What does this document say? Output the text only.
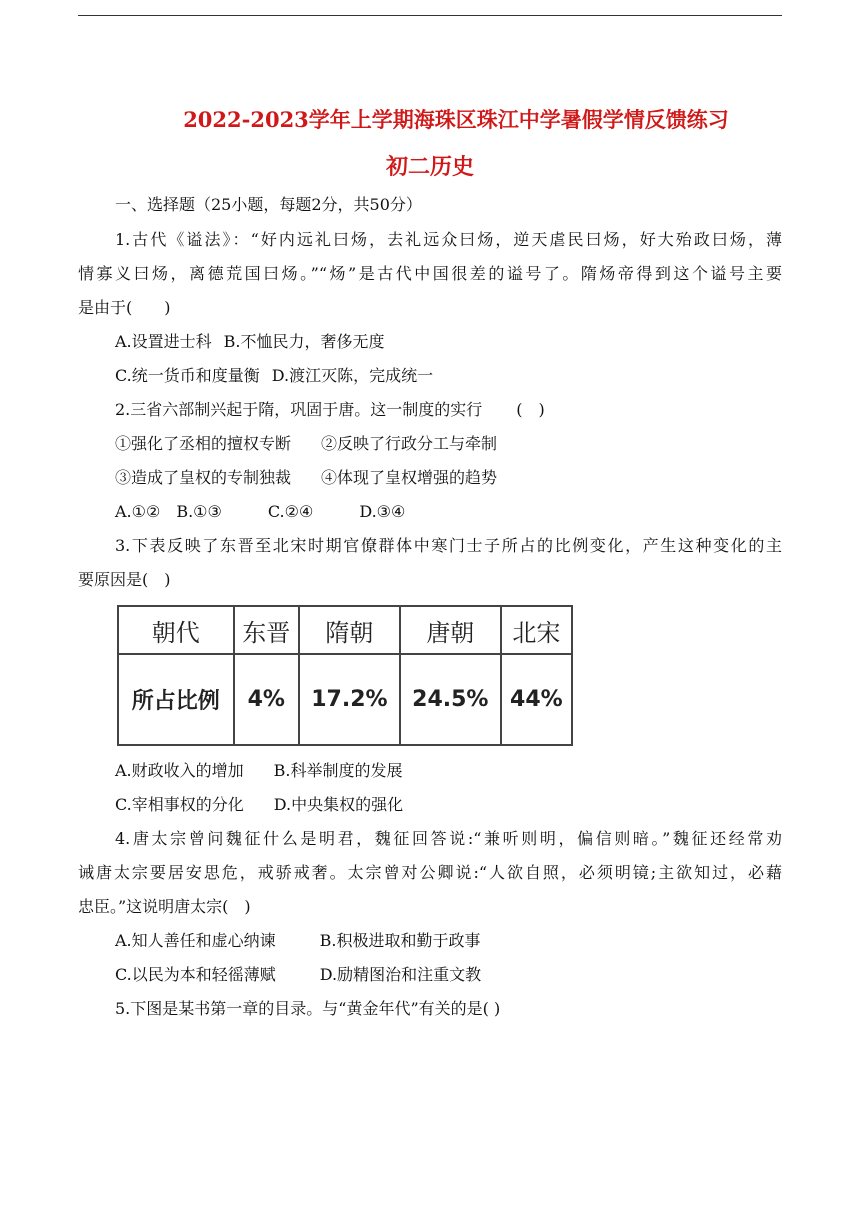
2022-2023学年上学期海珠区珠江中学暑假学情反馈练习
初二历史
一、选择题（25小题，每题2分，共50分）
1.古代《谥法》：“好内远礼曰炀，去礼远众曰炀，逆天虐民曰炀，好大殆政曰炀，薄
情寡义曰炀，离德荒国曰炀。”“炀”是古代中国很差的谥号了。隋炀帝得到这个谥号主要
是由于(　　)
A.设置进士科 B.不恤民力，奢侈无度
C.统一货币和度量衡 D.渡江灭陈，完成统一
2.三省六部制兴起于隋，巩固于唐。这一制度的实行 (　)
①强化了丞相的擅权专断 ②反映了行政分工与牵制
③造成了皇权的专制独裁 ④体现了皇权增强的趋势
A.①② B.①③	C.②④	D.③④
3.下表反映了东晋至北宋时期官僚群体中寒门士子所占的比例变化，产生这种变化的主
要原因是(　)
朝代	东晋	隋朝	唐朝	北宋
所占比例	4%	17.2%	24.5%	44%
A.财政收入的增加 B.科举制度的发展
C.宰相事权的分化 D.中央集权的强化
4.唐太宗曾问魏征什么是明君，魏征回答说:“兼听则明，偏信则暗。”魏征还经常劝
诫唐太宗要居安思危，戒骄戒奢。太宗曾对公卿说:“人欲自照，必须明镜;主欲知过，必藉
忠臣。”这说明唐太宗(　)
A.知人善任和虚心纳谏	B.积极进取和勤于政事
C.以民为本和轻徭薄赋	D.励精图治和注重文教
5.下图是某书第一章的目录。与“黄金年代”有关的是( )
